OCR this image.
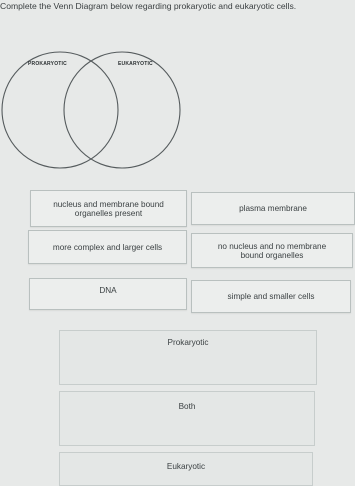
Complete the Venn Diagram below regarding prokaryotic and eukaryotic cells.
PROKARYOTIC	EUKARYOTIC
nucleus and membrane bound
organelles present	plasma membrane
more complex and larger cells	no nucleus and no membrane
bound organelles
DNA
simple and smaller cells
Prokaryotic
Both
Eukaryotic
